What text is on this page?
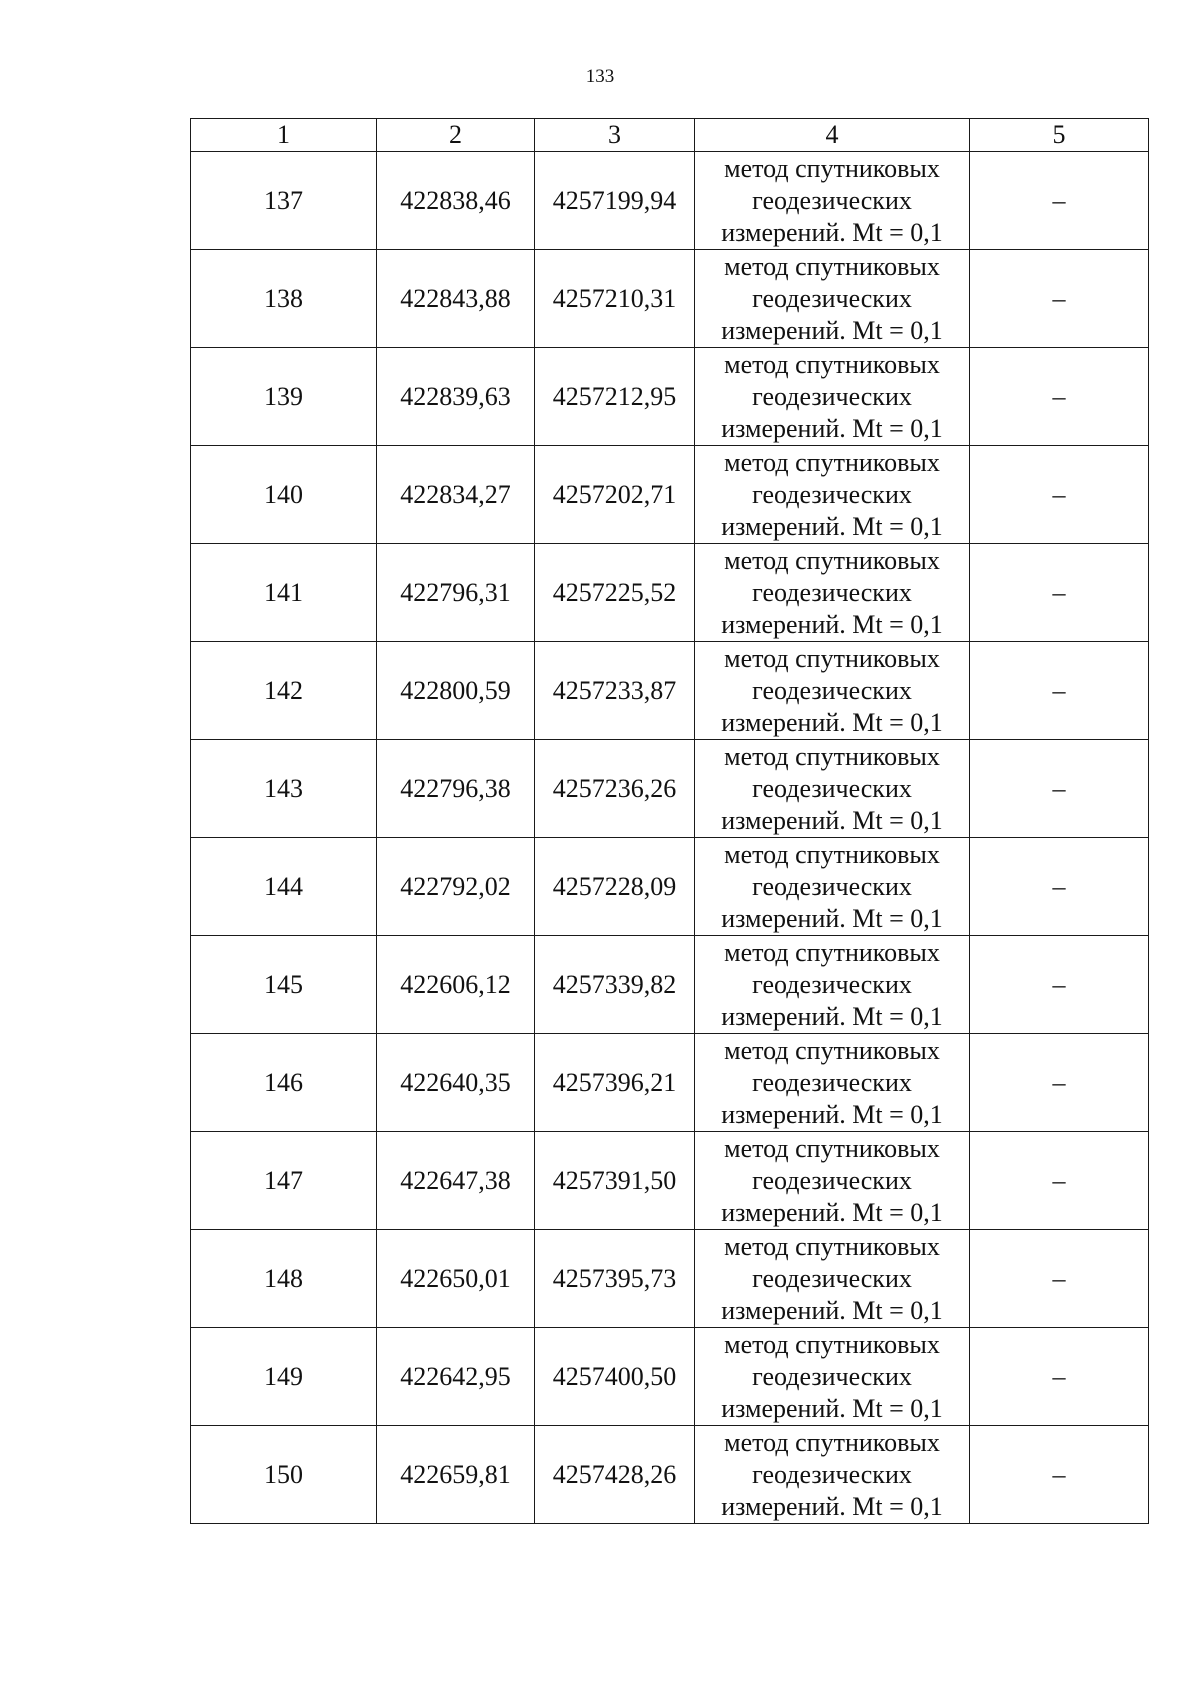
133
1	2	3	4	5
137	422838,46	4257199,94	метод спутниковых
геодезических
измерений. Mt = 0,1	–
138	422843,88	4257210,31	метод спутниковых
геодезических
измерений. Mt = 0,1	–
139	422839,63	4257212,95	метод спутниковых
геодезических
измерений. Mt = 0,1	–
140	422834,27	4257202,71	метод спутниковых
геодезических
измерений. Mt = 0,1	–
141	422796,31	4257225,52	метод спутниковых
геодезических
измерений. Mt = 0,1	–
142	422800,59	4257233,87	метод спутниковых
геодезических
измерений. Mt = 0,1	–
143	422796,38	4257236,26	метод спутниковых
геодезических
измерений. Mt = 0,1	–
144	422792,02	4257228,09	метод спутниковых
геодезических
измерений. Mt = 0,1	–
145	422606,12	4257339,82	метод спутниковых
геодезических
измерений. Mt = 0,1	–
146	422640,35	4257396,21	метод спутниковых
геодезических
измерений. Mt = 0,1	–
147	422647,38	4257391,50	метод спутниковых
геодезических
измерений. Mt = 0,1	–
148	422650,01	4257395,73	метод спутниковых
геодезических
измерений. Mt = 0,1	–
149	422642,95	4257400,50	метод спутниковых
геодезических
измерений. Mt = 0,1	–
150	422659,81	4257428,26	метод спутниковых
геодезических
измерений. Mt = 0,1	–
